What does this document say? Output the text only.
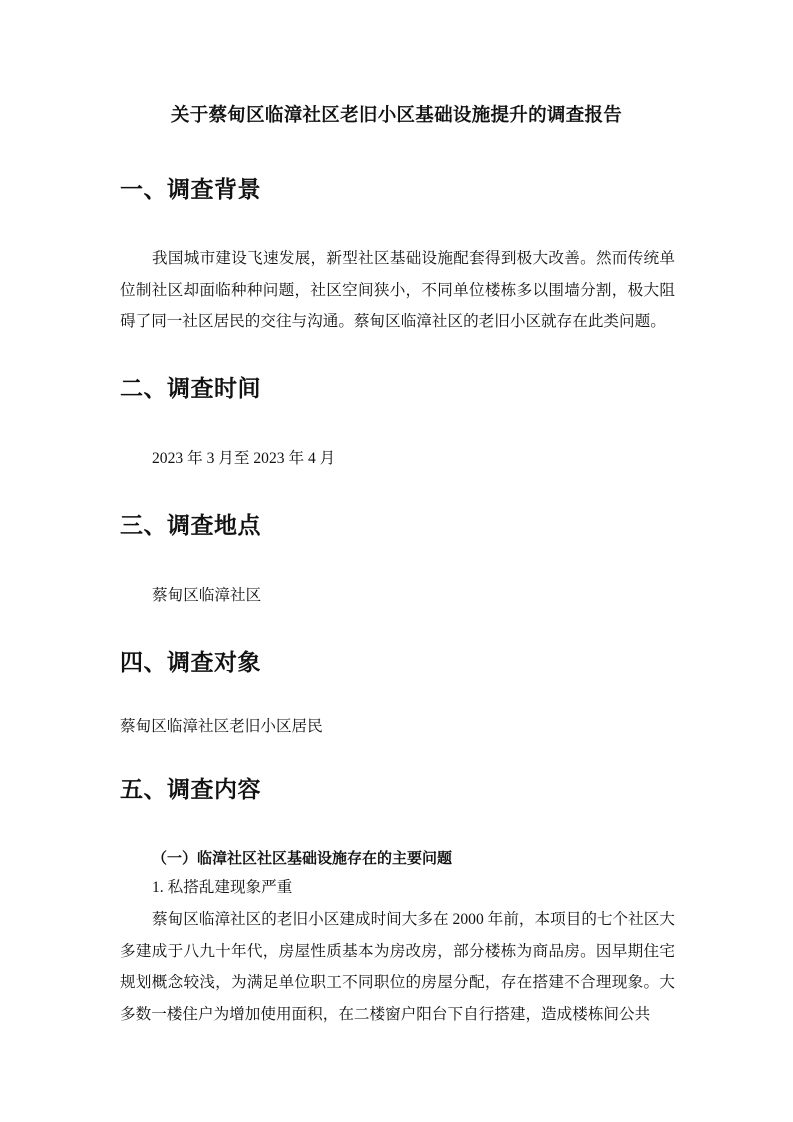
关于蔡甸区临漳社区老旧小区基础设施提升的调查报告
一、调查背景

我国城市建设飞速发展，新型社区基础设施配套得到极大改善。然而传统单位制社区却面临种种问题，社区空间狭小，不同单位楼栋多以围墙分割，极大阻碍了同一社区居民的交往与沟通。蔡甸区临漳社区的老旧小区就存在此类问题。

二、调查时间

2023 年 3 月至 2023 年 4 月

三、调查地点

蔡甸区临漳社区

四、调查对象

蔡甸区临漳社区老旧小区居民

五、调查内容
（一）临漳社区社区基础设施存在的主要问题

1. 私搭乱建现象严重

蔡甸区临漳社区的老旧小区建成时间大多在 2000 年前，本项目的七个社区大多建成于八九十年代，房屋性质基本为房改房，部分楼栋为商品房。因早期住宅规划概念较浅，为满足单位职工不同职位的房屋分配，存在搭建不合理现象。大多数一楼住户为增加使用面积，在二楼窗户阳台下自行搭建，造成楼栋间公共
